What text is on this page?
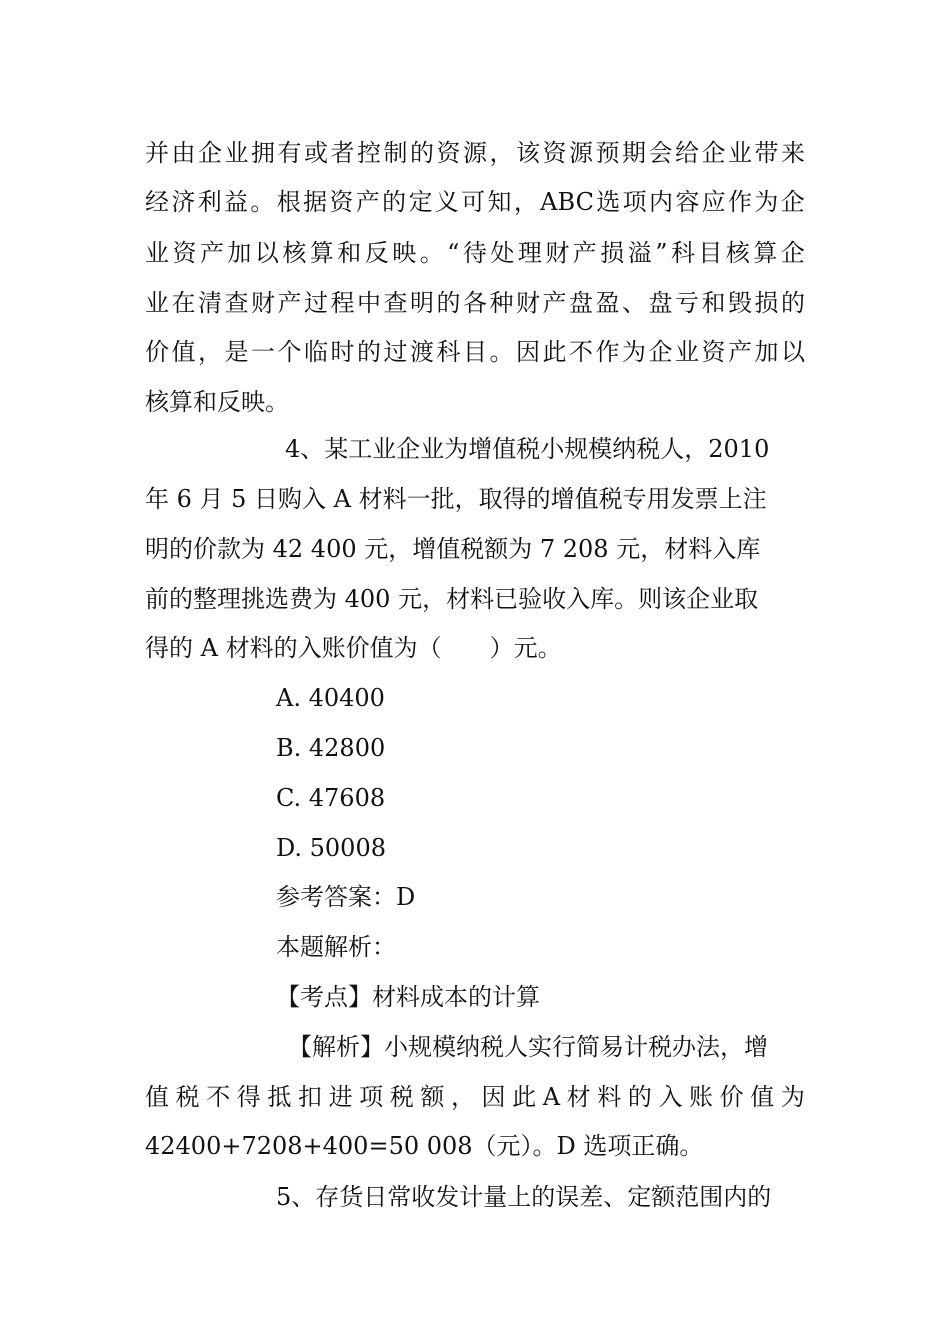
并 由 企 业 拥 有 或 者 控 制 的 资 源 ， 该 资 源 预 期 会 给 企 业 带 来
经 济 利 益 。 根 据 资 产 的 定 义 可 知 ， ABC 选 项 内 容 应 作 为 企
业 资 产 加 以 核 算 和 反 映 。 “ 待 处 理 财 产 损 溢 ” 科 目 核 算 企
业 在 清 查 财 产 过 程 中 查 明 的 各 种 财 产 盘 盈 、 盘 亏 和 毁 损 的
价 值 ， 是 一 个 临 时 的 过 渡 科 目 。 因 此 不 作 为 企 业 资 产 加 以
核算和反映。
4、某工业企业为增值税小规模纳税人，2010
年 6 月 5 日购入 A 材料一批，取得的增值税专用发票上注
明的价款为 42 400 元，增值税额为 7 208 元，材料入库
前的整理挑选费为 400 元，材料已验收入库。则该企业取
得的 A 材料的入账价值为（　　）元。
A. 40400
B. 42800
C. 47608
D. 50008
参考答案：D
本题解析：
【考点】材料成本的计算
【解析】小规模纳税人实行简易计税办法，增
值 税 不 得 抵 扣 进 项 税 额 ， 因 此 A 材 料 的 入 账 价 值 为
42400+7208+400=50 008（元）。D 选项正确。
5、存货日常收发计量上的误差、定额范围内的
